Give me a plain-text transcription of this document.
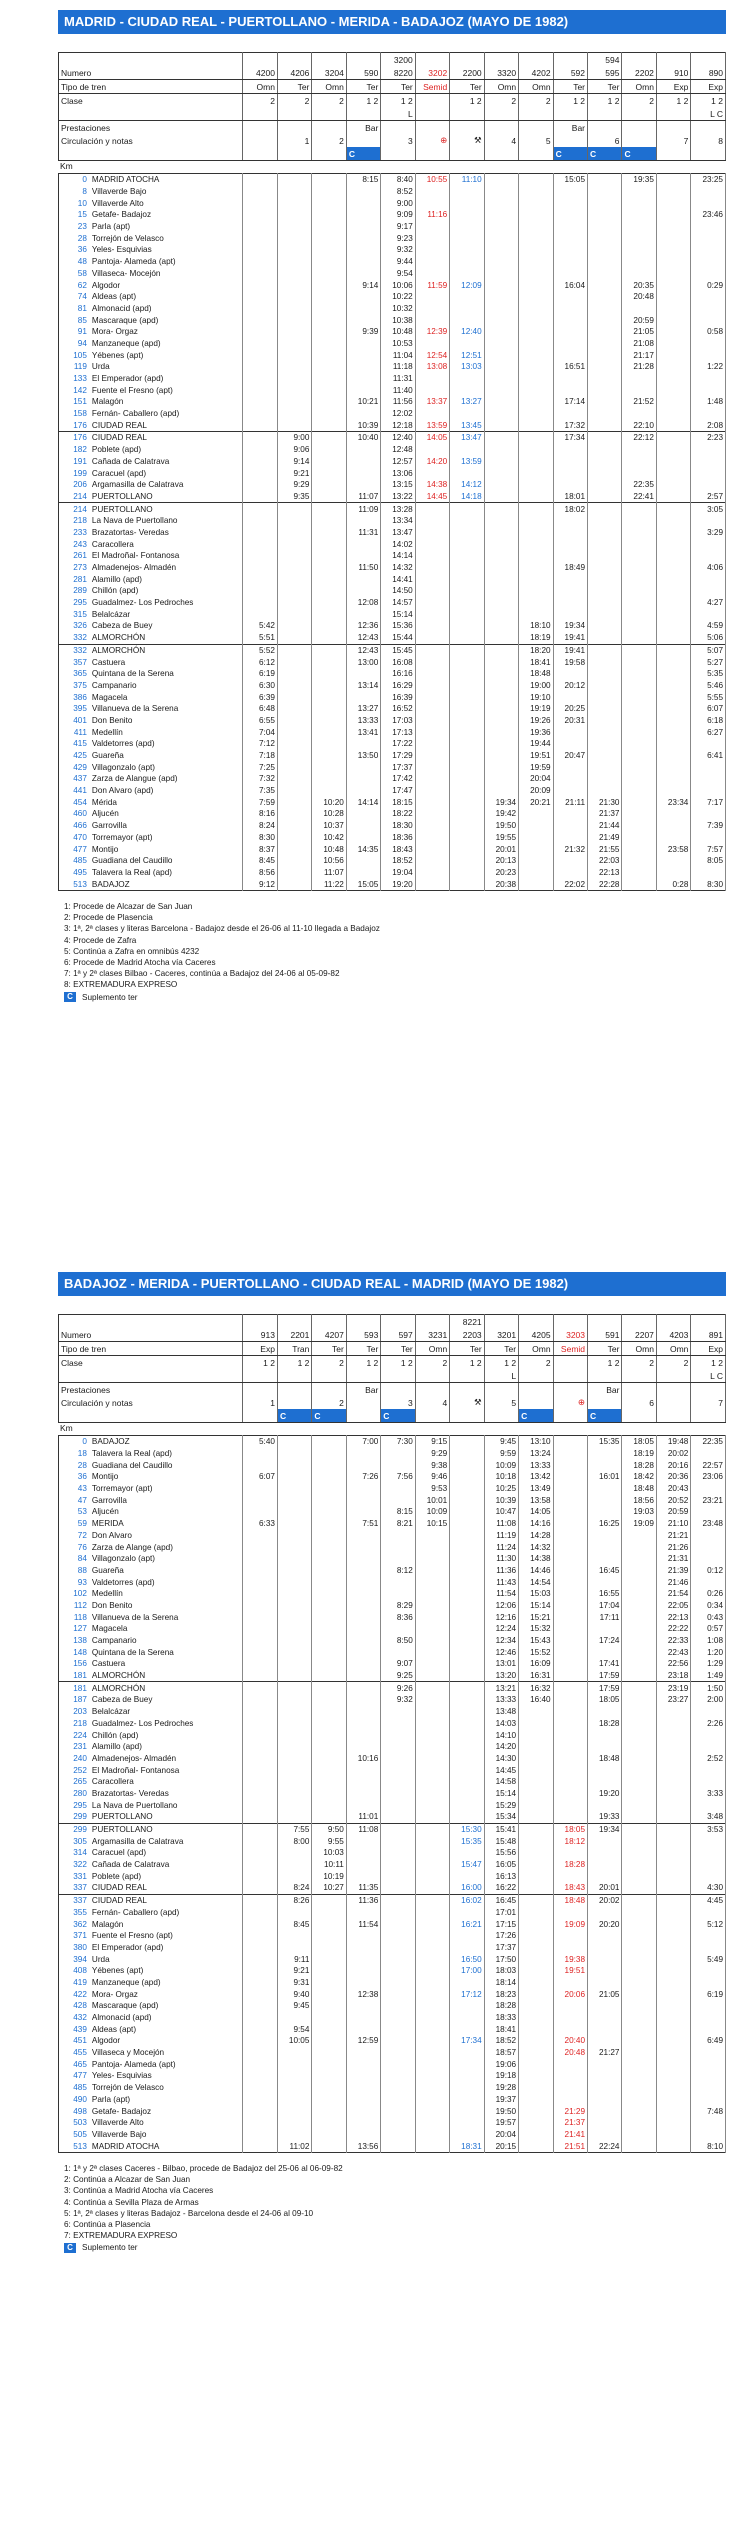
MADRID - CIUDAD REAL - PUERTOLLANO - MERIDA - BADAJOZ (MAYO DE 1982)
					3200						594			
Numero	4200	4206	3204	590	8220	3202	2200	3320	4202	592	595	2202	910	890
Tipo de tren	Omn	Ter	Omn	Ter	Ter	Semid	Ter	Omn	Omn	Ter	Ter	Omn	Exp	Exp
Clase	2	2	2	1 2	1 2		1 2	2	2	1 2	1 2	2	1 2	1 2
					L									L C
Prestaciones				Bar						Bar				
Circulación y notas		1	2		3	⊕	⚒	4	5		6		7	8
				C						C	C	C		
Km
0	MADRID ATOCHA				8:15	8:40	10:55	11:10			15:05		19:35		23:25
8	Villaverde Bajo					8:52									
10	Villaverde Alto					9:00									
15	Getafe- Badajoz					9:09	11:16								23:46
23	Parla (apt)					9:17									
28	Torrejón de Velasco					9:23									
36	Yeles- Esquivias					9:32									
48	Pantoja- Alameda (apt)					9:44									
58	Villaseca- Mocejón					9:54									
62	Algodor				9:14	10:06	11:59	12:09			16:04		20:35		0:29
74	Aldeas (apt)					10:22							20:48		
81	Almonacid (apd)					10:32									
85	Mascaraque (apd)					10:38							20:59		
91	Mora- Orgaz				9:39	10:48	12:39	12:40					21:05		0:58
94	Manzaneque (apd)					10:53							21:08		
105	Yébenes (apt)					11:04	12:54	12:51					21:17		
119	Urda					11:18	13:08	13:03			16:51		21:28		1:22
133	El Emperador (apd)					11:31									
142	Fuente el Fresno (apt)					11:40									
151	Malagón				10:21	11:56	13:37	13:27			17:14		21:52		1:48
158	Fernán- Caballero (apd)					12:02									
176	CIUDAD REAL				10:39	12:18	13:59	13:45			17:32		22:10		2:08
176	CIUDAD REAL		9:00		10:40	12:40	14:05	13:47			17:34		22:12		2:23
182	Poblete (apd)		9:06			12:48									
191	Cañada de Calatrava		9:14			12:57	14:20	13:59							
199	Caracuel (apd)		9:21			13:06									
206	Argamasilla de Calatrava		9:29			13:15	14:38	14:12					22:35		
214	PUERTOLLANO		9:35		11:07	13:22	14:45	14:18			18:01		22:41		2:57
214	PUERTOLLANO				11:09	13:28					18:02				3:05
218	La Nava de Puertollano					13:34									
233	Brazatortas- Veredas				11:31	13:47									3:29
243	Caracollera					14:02									
261	El Madroñal- Fontanosa					14:14									
273	Almadenejos- Almadén				11:50	14:32					18:49				4:06
281	Alamillo (apd)					14:41									
289	Chillón (apd)					14:50									
295	Guadalmez- Los Pedroches				12:08	14:57									4:27
315	Belalcázar					15:14									
326	Cabeza de Buey	5:42			12:36	15:36				18:10	19:34				4:59
332	ALMORCHÓN	5:51			12:43	15:44				18:19	19:41				5:06
332	ALMORCHÓN	5:52			12:43	15:45				18:20	19:41				5:07
357	Castuera	6:12			13:00	16:08				18:41	19:58				5:27
365	Quintana de la Serena	6:19				16:16				18:48					5:35
375	Campanario	6:30			13:14	16:29				19:00	20:12				5:46
386	Magacela	6:39				16:39				19:10					5:55
395	Villanueva de la Serena	6:48			13:27	16:52				19:19	20:25				6:07
401	Don Benito	6:55			13:33	17:03				19:26	20:31				6:18
411	Medellín	7:04			13:41	17:13				19:36					6:27
415	Valdetorres (apd)	7:12				17:22				19:44					
425	Guareña	7:18			13:50	17:29				19:51	20:47				6:41
429	Villagonzalo (apt)	7:25				17:37				19:59					
437	Zarza de Alangue (apd)	7:32				17:42				20:04					
441	Don Alvaro (apd)	7:35				17:47				20:09					
454	Mérida	7:59		10:20	14:14	18:15			19:34	20:21	21:11	21:30		23:34	7:17
460	Aljucén	8:16		10:28		18:22			19:42			21:37			
466	Garrovilla	8:24		10:37		18:30			19:50			21:44			7:39
470	Torremayor (apt)	8:30		10:42		18:36			19:55			21:49			
477	Montijo	8:37		10:48	14:35	18:43			20:01		21:32	21:55		23:58	7:57
485	Guadiana del Caudillo	8:45		10:56		18:52			20:13			22:03			8:05
495	Talavera la Real (apd)	8:56		11:07		19:04			20:23			22:13			
513	BADAJOZ	9:12		11:22	15:05	19:20			20:38		22:02	22:28		0:28	8:30
1: Procede de Alcazar de San Juan
2: Procede de Plasencia
3: 1ª, 2ª clases y literas Barcelona - Badajoz desde el 26-06 al 11-10 llegada a Badajoz
4: Procede de Zafra
5: Continúa a Zafra en omnibús 4232
6: Procede de Madrid Atocha vía Caceres
7: 1ª y 2ª clases Bilbao - Caceres, continúa a Badajoz del 24-06 al 05-09-82
8: EXTREMADURA EXPRESO
C	Suplemento ter
BADAJOZ - MERIDA - PUERTOLLANO - CIUDAD REAL - MADRID (MAYO DE 1982)
							8221							
Numero	913	2201	4207	593	597	3231	2203	3201	4205	3203	591	2207	4203	891
Tipo de tren	Exp	Tran	Ter	Ter	Ter	Omn	Ter	Ter	Omn	Semid	Ter	Omn	Omn	Exp
Clase	1 2	1 2	2	1 2	1 2	2	1 2	1 2	2		1 2	2	2	1 2
								L						L C
Prestaciones				Bar							Bar			
Circulación y notas	1		2		3	4	⚒	5		⊕		6		7
		C	C		C				C		C			
Km
0	BADAJOZ	5:40			7:00	7:30	9:15		9:45	13:10		15:35	18:05	19:48	22:35
18	Talavera la Real (apd)						9:29		9:59	13:24			18:19	20:02	
28	Guadiana del Caudillo						9:38		10:09	13:33			18:28	20:16	22:57
36	Montijo	6:07			7:26	7:56	9:46		10:18	13:42		16:01	18:42	20:36	23:06
43	Torremayor (apt)						9:53		10:25	13:49			18:48	20:43	
47	Garrovilla						10:01		10:39	13:58			18:56	20:52	23:21
53	Aljucén					8:15	10:09		10:47	14:05			19:03	20:59	
59	MERIDA	6:33			7:51	8:21	10:15		11:08	14:16		16:25	19:09	21:10	23:48
72	Don Alvaro								11:19	14:28				21:21	
76	Zarza de Alange (apd)								11:24	14:32				21:26	
84	Villagonzalo (apt)								11:30	14:38				21:31	
88	Guareña					8:12			11:36	14:46		16:45		21:39	0:12
93	Valdetorres (apd)								11:43	14:54				21:46	
102	Medellín								11:54	15:03		16:55		21:54	0:26
112	Don Benito					8:29			12:06	15:14		17:04		22:05	0:34
118	Villanueva de la Serena					8:36			12:16	15:21		17:11		22:13	0:43
127	Magacela								12:24	15:32				22:22	0:57
138	Campanario					8:50			12:34	15:43		17:24		22:33	1:08
148	Quintana de la Serena								12:46	15:52				22:43	1:20
156	Castuera					9:07			13:01	16:09		17:41		22:56	1:29
181	ALMORCHÓN					9:25			13:20	16:31		17:59		23:18	1:49
181	ALMORCHÓN					9:26			13:21	16:32		17:59		23:19	1:50
187	Cabeza de Buey					9:32			13:33	16:40		18:05		23:27	2:00
203	Belalcázar								13:48						
218	Guadalmez- Los Pedroches								14:03			18:28			2:26
224	Chillón (apd)								14:10						
231	Alamillo (apd)								14:20						
240	Almadenejos- Almadén				10:16				14:30			18:48			2:52
252	El Madroñal- Fontanosa								14:45						
265	Caracollera								14:58						
280	Brazatortas- Veredas								15:14			19:20			3:33
295	La Nava de Puertollano								15:29						
299	PUERTOLLANO				11:01				15:34			19:33			3:48
299	PUERTOLLANO		7:55	9:50	11:08			15:30	15:41		18:05	19:34			3:53
305	Argamasilla de Calatrava		8:00	9:55				15:35	15:48		18:12				
314	Caracuel (apd)			10:03					15:56						
322	Cañada de Calatrava			10:11				15:47	16:05		18:28				
331	Poblete (apd)			10:19					16:13						
337	CIUDAD REAL		8:24	10:27	11:35			16:00	16:22		18:43	20:01			4:30
337	CIUDAD REAL		8:26		11:36			16:02	16:45		18:48	20:02			4:45
355	Fernán- Caballero (apd)								17:01						
362	Malagón		8:45		11:54			16:21	17:15		19:09	20:20			5:12
371	Fuente el Fresno (apt)								17:26						
380	El Emperador (apd)								17:37						
394	Urda		9:11					16:50	17:50		19:38				5:49
408	Yébenes (apt)		9:21					17:00	18:03		19:51				
419	Manzaneque (apd)		9:31						18:14						
422	Mora- Orgaz		9:40		12:38			17:12	18:23		20:06	21:05			6:19
428	Mascaraque (apd)		9:45						18:28						
432	Almonacid (apd)								18:33						
439	Aldeas (apt)		9:54						18:41						
451	Algodor		10:05		12:59			17:34	18:52		20:40				6:49
455	Villaseca y Mocejón								18:57		20:48	21:27			
465	Pantoja- Alameda (apt)								19:06						
477	Yeles- Esquivias								19:18						
485	Torrejón de Velasco								19:28						
490	Parla (apt)								19:37						
498	Getafe- Badajoz								19:50		21:29				7:48
503	Villaverde Alto								19:57		21:37				
505	Villaverde Bajo								20:04		21:41				
513	MADRID ATOCHA		11:02		13:56			18:31	20:15		21:51	22:24			8:10
1: 1ª y 2ª clases Caceres - Bilbao, procede de Badajoz del 25-06 al 06-09-82
2: Continúa a Alcazar de San Juan
3: Continúa a Madrid Atocha vía Caceres
4: Continúa a Sevilla Plaza de Armas
5: 1ª, 2ª clases y literas Badajoz - Barcelona desde el 24-06 al 09-10
6: Continúa a Plasencia
7: EXTREMADURA EXPRESO
C	Suplemento ter
